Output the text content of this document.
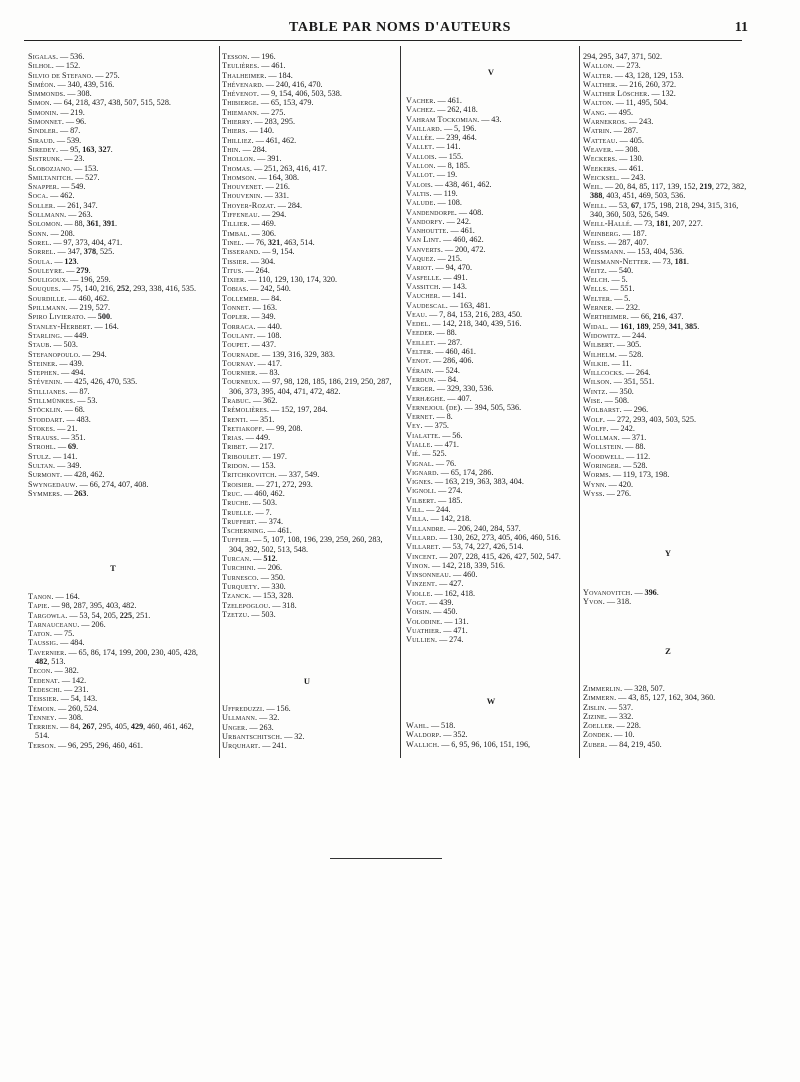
TABLE PAR NOMS D'AUTEURS	11
Sigalas. — 536.
Silhol. — 152.
Silvio de Stefano. — 275.
Siméon. — 340, 439, 516.
Simmonds. — 308.
Simon. — 64, 218, 437, 438, 507, 515, 528.
Simonin. — 219.
Simonnet. — 96.
Sindler. — 87.
Siraud. — 539.
Siredey. — 95, 163, 327.
Sistrunk. — 23.
Slobozjano. — 153.
Smiltanitch. — 527.
Snapper. — 549.
Soca. — 462.
Soller. — 261, 347.
Sollmann. — 263.
Solomon. — 88, 361, 391.
Sonn. — 208.
Sorel. — 97, 373, 404, 471.
Sorrel. — 347, 378, 525.
Soula. — 123.
Souleyre. — 279.
Souligoux. — 196, 259.
Souques. — 75, 140, 216, 252, 293, 338, 416, 535.
Sourdille. — 460, 462.
Spillmann. — 219, 527.
Spiro Livierato. — 500.
Stanley-Herbert. — 164.
Starling. — 449.
Staub. — 503.
Stefanopoulo. — 294.
Steiner. — 439.
Stephen. — 494.
Stévenin. — 425, 426, 470, 535.
Stillianes. — 87.
Stillmünkes. — 53.
Stöcklin. — 68.
Stoddart. — 483.
Stokes. — 21.
Strauss. — 351.
Strohl. — 69.
Stulz. — 141.
Sultan. — 349.
Surmont. — 428, 462.
Swyngedauw. — 66, 274, 407, 408.
Symmers. — 263.
T
Tanon. — 164.
Tapie. — 98, 287, 395, 403, 482.
Targowla. — 53, 54, 205, 225, 251.
Tarnauceanu. — 206.
Taton. — 75.
Taussig. — 484.
Tavernier. — 65, 86, 174, 199, 200, 230, 405, 428, 482, 513.
Tecon. — 382.
Tedenat. — 142.
Tedeschi. — 231.
Teissier. — 54, 143.
Témoin. — 260, 524.
Tenney. — 308.
Terrien. — 84, 267, 295, 405, 429, 460, 461, 462, 514.
Terson. — 96, 295, 296, 460, 461.
Tesson. — 196.
Teulières. — 461.
Thalheimer. — 184.
Thévenard. — 240, 416, 470.
Thévenot. — 9, 154, 406, 503, 538.
Thibierge. — 65, 153, 479.
Thiemann. — 275.
Thierry. — 283, 295.
Thiers. — 140.
Thilliez. — 461, 462.
Thin. — 284.
Thollon. — 391.
Thomas. — 251, 263, 416, 417.
Thomson. — 164, 308.
Thouvenet. — 216.
Thouvenin. — 331.
Thoyer-Rozat. — 284.
Tiffeneau. — 294.
Tillier. — 469.
Timbal. — 306.
Tinel. — 76, 321, 463, 514.
Tisserand. — 9, 154.
Tissier. — 304.
Titus. — 264.
Tixier. — 110, 129, 130, 174, 320.
Tobias. — 242, 540.
Tollemer. — 84.
Tonnet. — 163.
Topler. — 349.
Torraca. — 440.
Toulant. — 108.
Toupet. — 437.
Tournade. — 139, 316, 329, 383.
Tournay. — 417.
Tournier. — 83.
Tourneux. — 97, 98, 128, 185, 186, 219, 250, 287, 306, 373, 395, 404, 471, 472, 482.
Trabuc. — 362.
Trémolières. — 152, 197, 284.
Trenti. — 351.
Tretiakoff. — 99, 208.
Trias. — 449.
Tribet. — 217.
Triboulet. — 197.
Tridon. — 153.
Tritchkovitch. — 337, 549.
Troisier. — 271, 272, 293.
Truc. — 460, 462.
Truche. — 503.
Truelle. — 7.
Truffert. — 374.
Tscherning. — 461.
Tuffier. — 5, 107, 108, 196, 239, 259, 260, 283, 304, 392, 502, 513, 548.
Turcan. — 512.
Turchini. — 206.
Turnesco. — 350.
Turquety. — 330.
Tzanck. — 153, 328.
Tzelepoglou. — 318.
Tzetzu. — 503.
U
Uffreduzzi. — 156.
Ullmann. — 32.
Unger. — 263.
Urbantschitsch. — 32.
Urquhart. — 241.
V
Vacher. — 461.
Vachez. — 262, 418.
Vahram Tockomian. — 43.
Vaillard. — 5, 196.
Vallée. — 239, 464.
Vallet. — 141.
Vallois. — 155.
Vallon. — 8, 185.
Vallot. — 19.
Valois. — 438, 461, 462.
Valtis. — 119.
Valude. — 108.
Vandendorpe. — 408.
Vandorfy. — 242.
Vanhoutte. — 461.
Van Lint. — 460, 462.
Vanverts. — 200, 472.
Vaquez. — 215.
Variot. — 94, 470.
Vasfelle. — 491.
Vassitch. — 143.
Vaucher. — 141.
Vaudescal. — 163, 481.
Veau. — 7, 84, 153, 216, 283, 450.
Vedel. — 142, 218, 340, 439, 516.
Veeder. — 88.
Veillet. — 287.
Velter. — 460, 461.
Venot. — 286, 406.
Vérain. — 524.
Verdun. — 84.
Verger. — 329, 330, 536.
Verhæghe. — 407.
Vernejoul (de). — 394, 505, 536.
Vernet. — 8.
Vey. — 375.
Vialatte. — 56.
Vialle. — 471.
Vié. — 525.
Vignal. — 76.
Vignard. — 65, 174, 286.
Vignes. — 163, 219, 363, 383, 404.
Vignoli. — 274.
Vilbert. — 185.
Vill. — 244.
Villa. — 142, 218.
Villandre. — 206, 240, 284, 537.
Villard. — 130, 262, 273, 405, 406, 460, 516.
Villaret. — 53, 74, 227, 426, 514.
Vincent. — 207, 228, 415, 426, 427, 502, 547.
Vinon. — 142, 218, 339, 516.
Vinsonneau. — 460.
Vinzent. — 427.
Violle. — 162, 418.
Vogt. — 439.
Voisin. — 450.
Volodine. — 131.
Vuathier. — 471.
Vullien. — 274.
W
Wahl. — 518.
Waldorp. — 352.
Wallich. — 6, 95, 96, 106, 151, 196,
294, 295, 347, 371, 502.
Wallon. — 273.
Walter. — 43, 128, 129, 153.
Walther. — 216, 260, 372.
Walther Löscher. — 132.
Walton. — 11, 495, 504.
Wang. — 495.
Warnekros. — 243.
Watrin. — 287.
Watteau. — 405.
Weaver. — 308.
Weckers. — 130.
Weekers. — 461.
Weicksel. — 243.
Weil. — 20, 84, 85, 117, 139, 152, 219, 272, 382, 388, 403, 451, 469, 503, 536.
Weill. — 53, 67, 175, 198, 218, 294, 315, 316, 340, 360, 503, 526, 549.
Weill-Hallé. — 73, 181, 207, 227.
Weinberg. — 187.
Weiss. — 287, 407.
Weissmann. — 153, 404, 536.
Weismann-Netter. — 73, 181.
Weitz. — 540.
Welch. — 5.
Wells. — 551.
Welter. — 5.
Werner. — 232.
Wertheimer. — 66, 216, 437.
Widal. — 161, 189, 259, 341, 385.
Widowitz. — 244.
Wilbert. — 305.
Wilhelm. — 528.
Wilkie. — 11.
Willcocks. — 264.
Wilson. — 351, 551.
Wintz. — 350.
Wise. — 508.
Wolbarst. — 296.
Wolf. — 272, 293, 403, 503, 525.
Wolff. — 242.
Wollman. — 371.
Wollstein. — 88.
Woodwell. — 112.
Woringer. — 528.
Worms. — 119, 173, 198.
Wynn. — 420.
Wyss. — 276.
Y
Yovanovitch. — 396.
Yvon. — 318.
Z
Zimmerlin. — 328, 507.
Zimmern. — 43, 85, 127, 162, 304, 360.
Zislin. — 537.
Zizine. — 332.
Zoeller. — 228.
Zondek. — 10.
Zuber. — 84, 219, 450.
